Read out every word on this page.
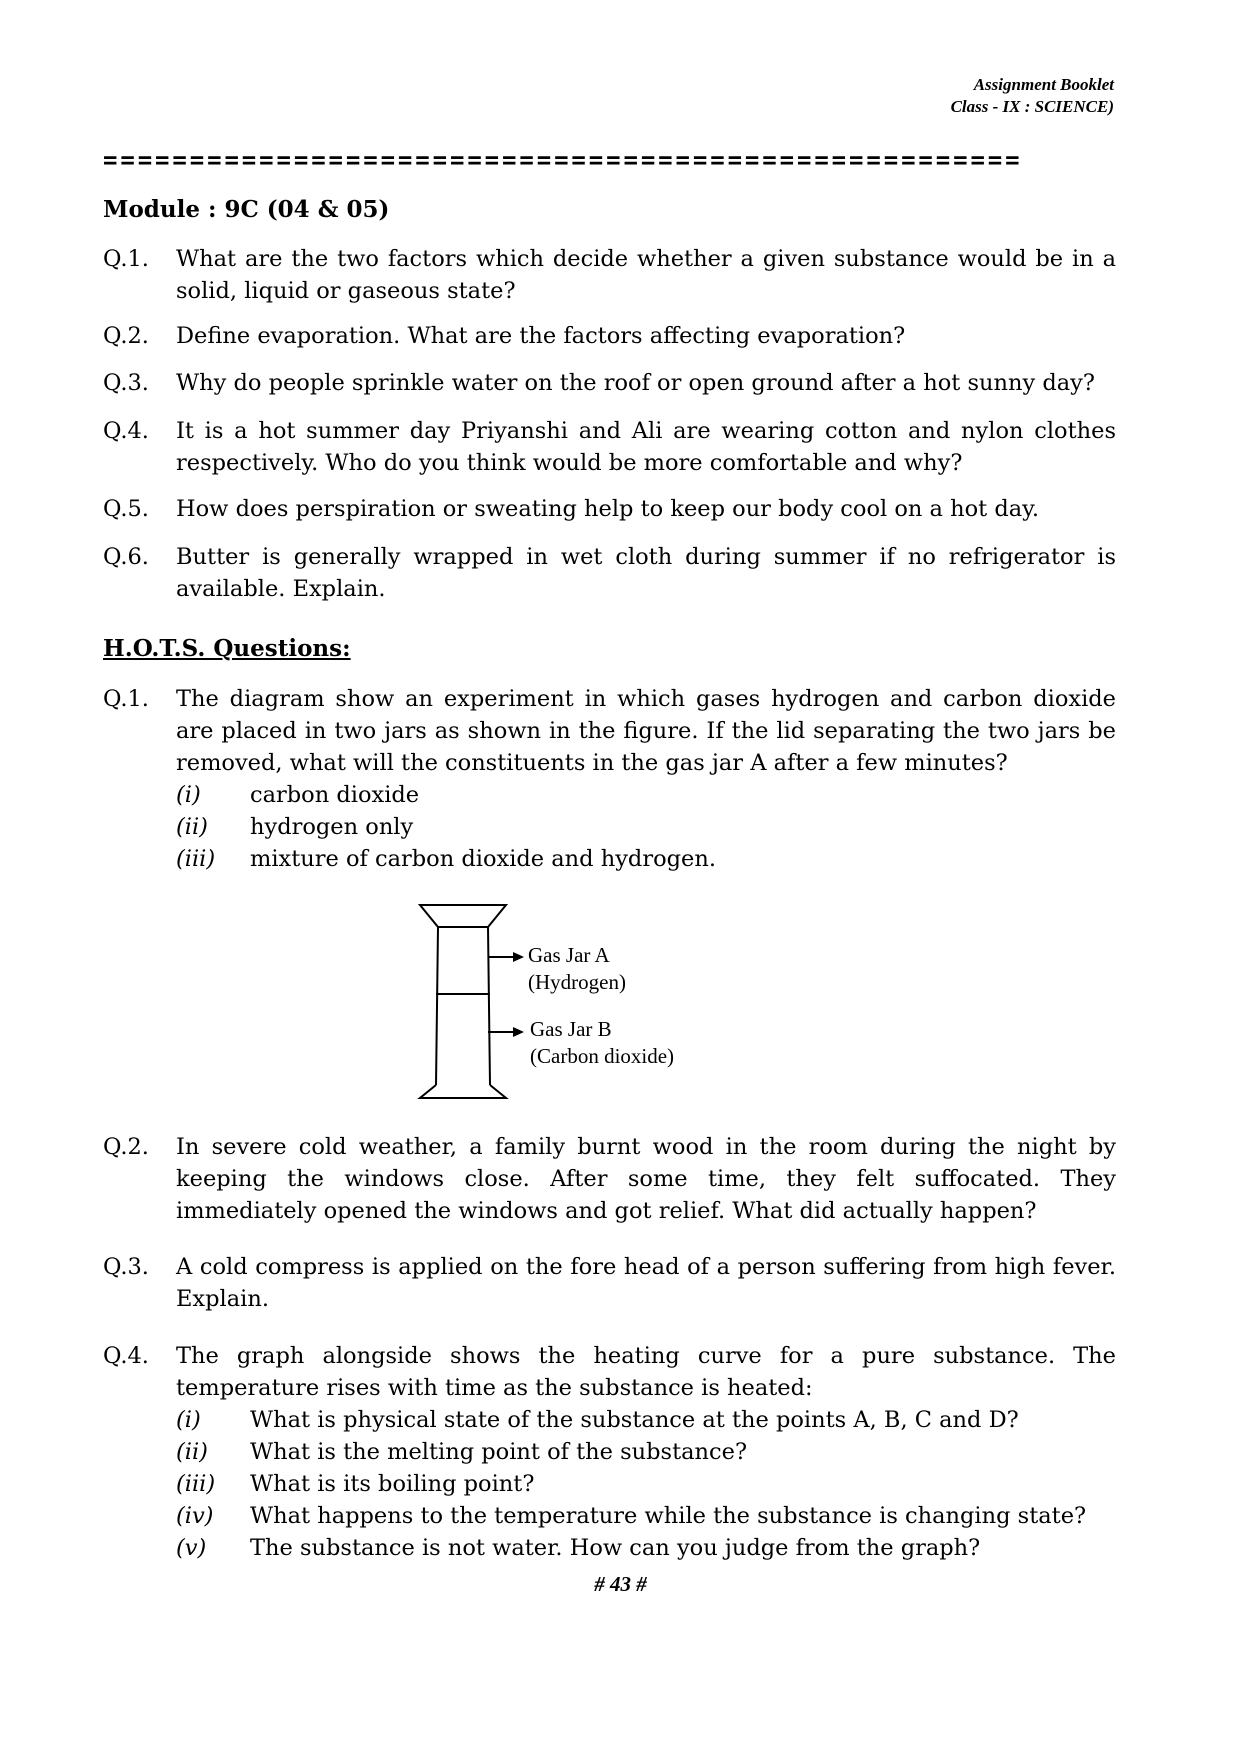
Assignment Booklet
Class - IX : SCIENCE)
=====================================================
Module : 9C (04 & 05)
Q.1. What are the two factors which decide whether a given substance would be in a solid, liquid or gaseous state?
Q.2. Define evaporation. What are the factors affecting evaporation?
Q.3. Why do people sprinkle water on the roof or open ground after a hot sunny day?
Q.4. It is a hot summer day Priyanshi and Ali are wearing cotton and nylon clothes respectively. Who do you think would be more comfortable and why?
Q.5. How does perspiration or sweating help to keep our body cool on a hot day.
Q.6. Butter is generally wrapped in wet cloth during summer if no refrigerator is available. Explain.
H.O.T.S. Questions:
Q.1. The diagram show an experiment in which gases hydrogen and carbon dioxide are placed in two jars as shown in the figure. If the lid separating the two jars be removed, what will the constituents in the gas jar A after a few minutes?
(i) carbon dioxide
(ii) hydrogen only
(iii) mixture of carbon dioxide and hydrogen.
Gas Jar A
(Hydrogen)
Gas Jar B
(Carbon dioxide)
Q.2. In severe cold weather, a family burnt wood in the room during the night by keeping the windows close. After some time, they felt suffocated. They immediately opened the windows and got relief. What did actually happen?
Q.3. A cold compress is applied on the fore head of a person suffering from high fever. Explain.
Q.4. The graph alongside shows the heating curve for a pure substance. The temperature rises with time as the substance is heated:
(i) What is physical state of the substance at the points A, B, C and D?
(ii) What is the melting point of the substance?
(iii) What is its boiling point?
(iv) What happens to the temperature while the substance is changing state?
(v) The substance is not water. How can you judge from the graph?
# 43 #
